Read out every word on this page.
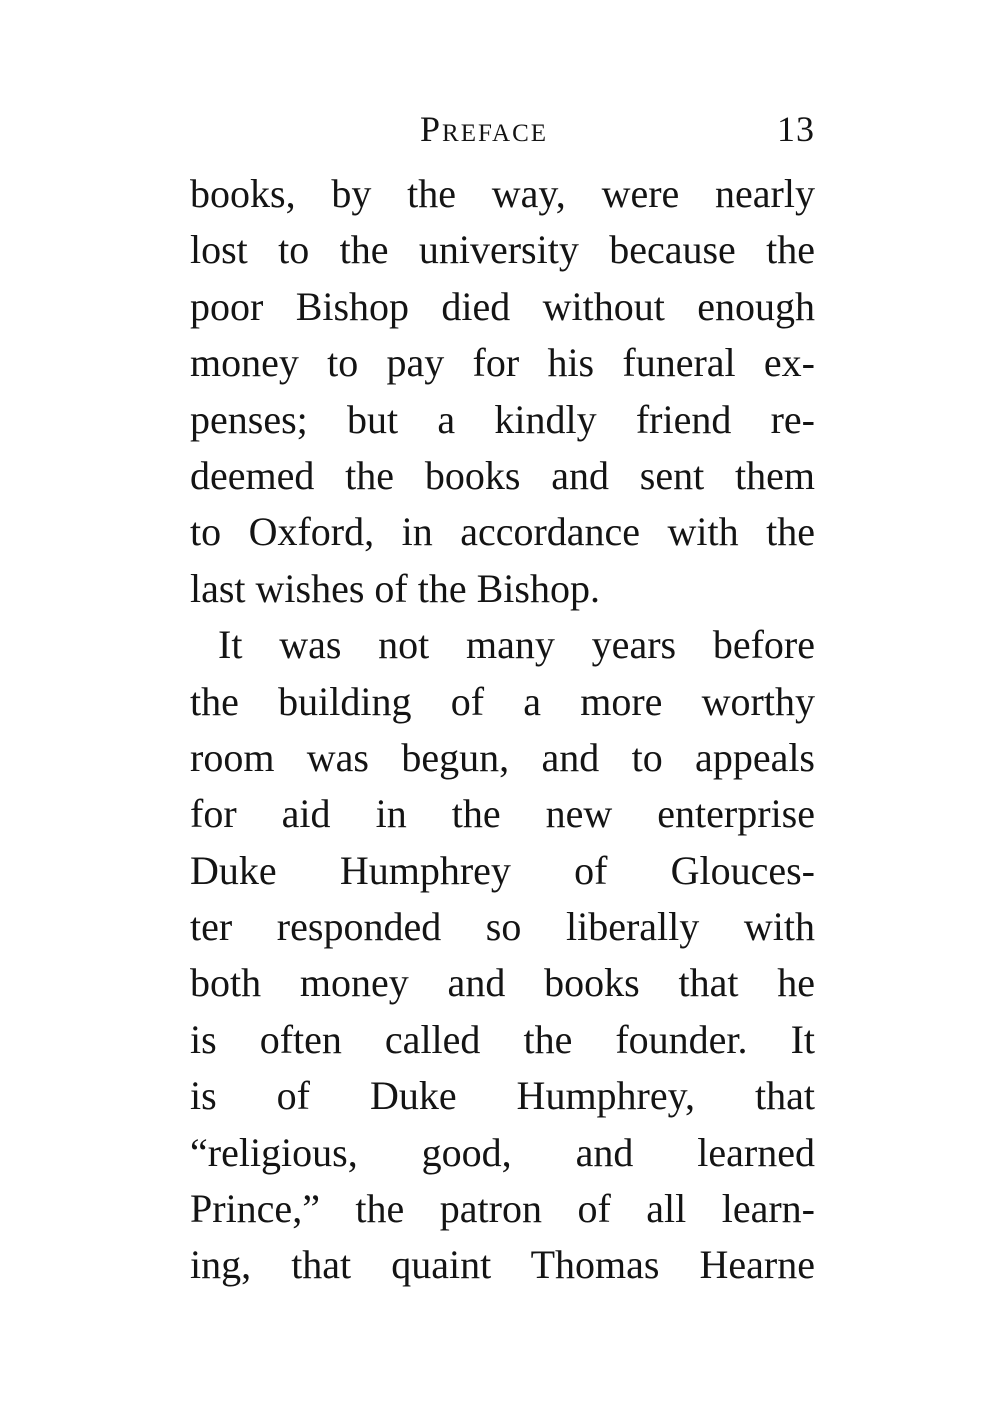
Preface	13
books, by the way, were nearly
lost to the university because the
poor Bishop died without enough
money to pay for his funeral ex-
penses; but a kindly friend re-
deemed the books and sent them
to Oxford, in accordance with the
last wishes of the Bishop.
It was not many years before
the building of a more worthy
room was begun, and to appeals
for aid in the new enterprise
Duke Humphrey of Glouces-
ter responded so liberally with
both money and books that he
is often called the founder. It
is of Duke Humphrey, that
“religious, good, and learned
Prince,” the patron of all learn-
ing, that quaint Thomas Hearne
